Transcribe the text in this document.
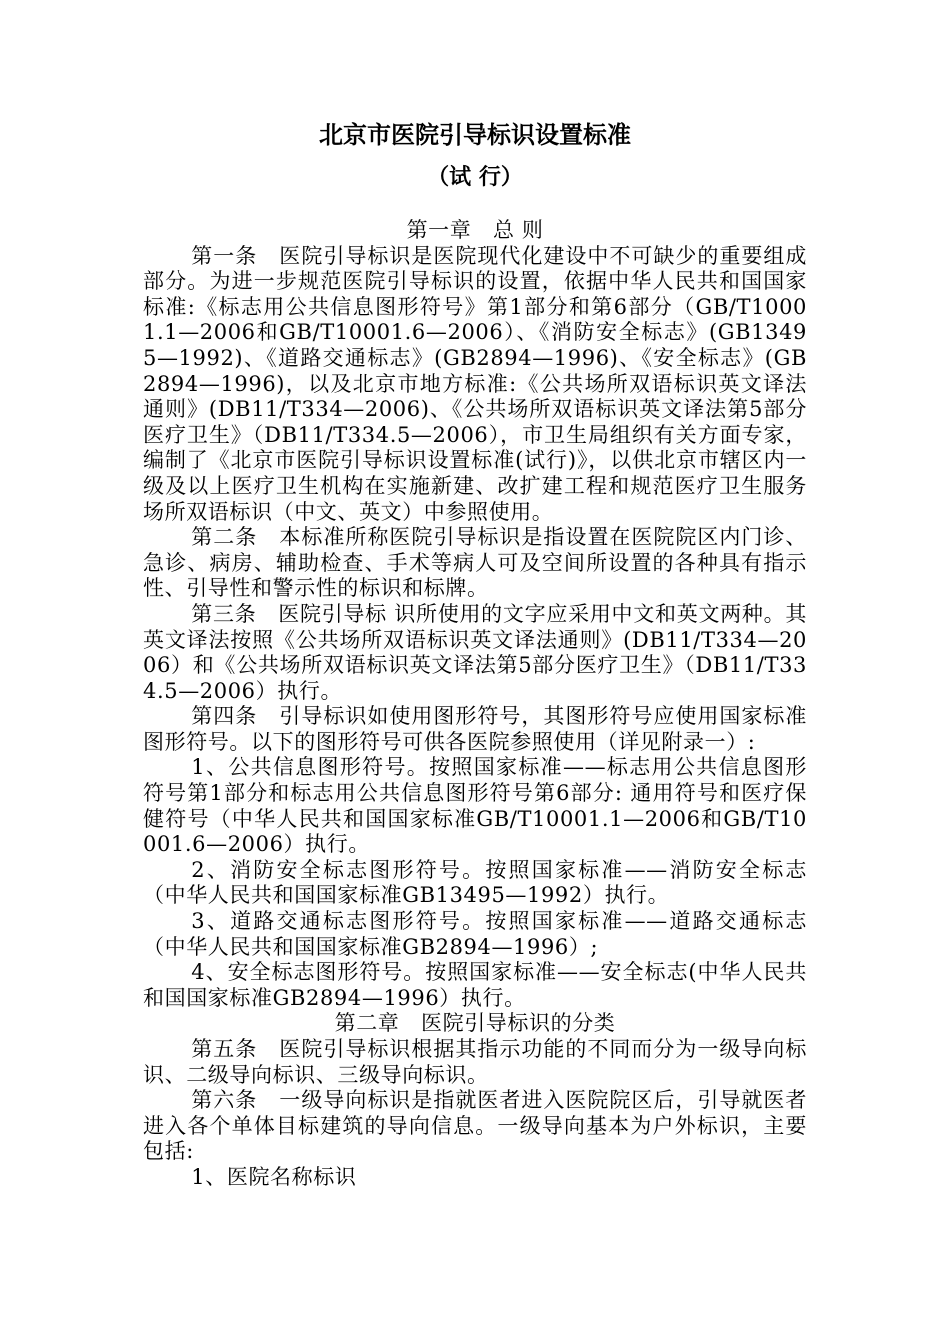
北京市医院引导标识设置标准
（试 行）

第一章　总 则

第一条　医院引导标识是医院现代化建设中不可缺少的重要组成部分。为进一步规范医院引导标识的设置，依据中华人民共和国国家标准:《标志用公共信息图形符号》第1部分和第6部分（GB/T10001.1—2006和GB/T10001.6—2006）、《消防安全标志》(GB13495—1992)、《道路交通标志》(GB2894—1996)、《安全标志》(GB2894—1996)，以及北京市地方标准:《公共场所双语标识英文译法通则》(DB11/T334—2006)、《公共场所双语标识英文译法第5部分医疗卫生》（DB11/T334.5—2006），市卫生局组织有关方面专家，编制了《北京市医院引导标识设置标准(试行)》，以供北京市辖区内一级及以上医疗卫生机构在实施新建、改扩建工程和规范医疗卫生服务场所双语标识（中文、英文）中参照使用。

第二条　本标准所称医院引导标识是指设置在医院院区内门诊、急诊、病房、辅助检查、手术等病人可及空间所设置的各种具有指示性、引导性和警示性的标识和标牌。

第三条　医院引导标 识所使用的文字应采用中文和英文两种。其英文译法按照《公共场所双语标识英文译法通则》(DB11/T334—2006）和《公共场所双语标识英文译法第5部分医疗卫生》（DB11/T334.5—2006）执行。

第四条　引导标识如使用图形符号，其图形符号应使用国家标准图形符号。以下的图形符号可供各医院参照使用（详见附录一）:

1、公共信息图形符号。按照国家标准——标志用公共信息图形符号第1部分和标志用公共信息图形符号第6部分: 通用符号和医疗保健符号（中华人民共和国国家标准GB/T10001.1—2006和GB/T10001.6—2006）执行。

2、消防安全标志图形符号。按照国家标准——消防安全标志（中华人民共和国国家标准GB13495—1992）执行。

3、道路交通标志图形符号。按照国家标准——道路交通标志（中华人民共和国国家标准GB2894—1996）;

4、安全标志图形符号。按照国家标准——安全标志(中华人民共和国国家标准GB2894—1996）执行。

第二章　医院引导标识的分类

第五条　医院引导标识根据其指示功能的不同而分为一级导向标识、二级导向标识、三级导向标识。

第六条　一级导向标识是指就医者进入医院院区后，引导就医者进入各个单体目标建筑的导向信息。一级导向基本为户外标识，主要包括:

1、医院名称标识
